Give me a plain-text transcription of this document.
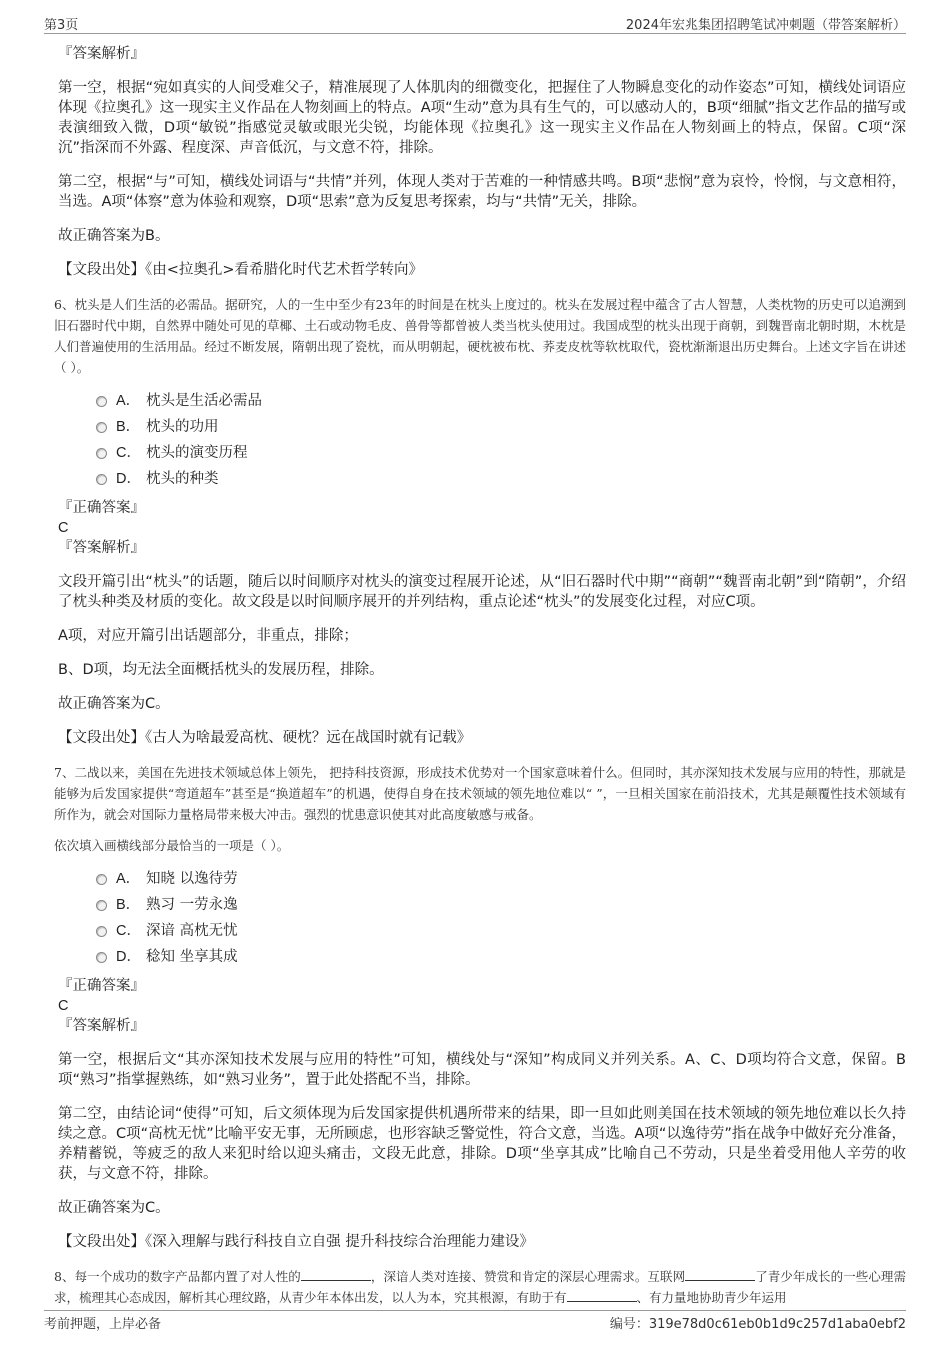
第3页	2024年宏兆集团招聘笔试冲刺题（带答案解析）
『答案解析』
第一空，根据“宛如真实的人间受难父子，精准展现了人体肌肉的细微变化，把握住了人物瞬息变化的动作姿态”可知，横线处词语应体现《拉奥孔》这一现实主义作品在人物刻画上的特点。A项“生动”意为具有生气的，可以感动人的，B项“细腻”指文艺作品的描写或表演细致入微，D项“敏锐”指感觉灵敏或眼光尖锐，均能体现《拉奥孔》这一现实主义作品在人物刻画上的特点，保留。C项“深沉”指深而不外露、程度深、声音低沉，与文意不符，排除。
第二空，根据“与”可知，横线处词语与“共情”并列，体现人类对于苦难的一种情感共鸣。B项“悲悯”意为哀怜，怜悯，与文意相符，当选。A项“体察”意为体验和观察，D项“思索”意为反复思考探索，均与“共情”无关，排除。
故正确答案为B。
【文段出处】《由<拉奥孔>看希腊化时代艺术哲学转向》
6、枕头是人们生活的必需品。据研究，人的一生中至少有23年的时间是在枕头上度过的。枕头在发展过程中蕴含了古人智慧，人类枕物的历史可以追溯到旧石器时代中期，自然界中随处可见的草椰、土石或动物毛皮、兽骨等都曾被人类当枕头使用过。我国成型的枕头出现于商朝，到魏晋南北朝时期，木枕是人们普遍使用的生活用品。经过不断发展，隋朝出现了瓷枕，而从明朝起，硬枕被布枕、荞麦皮枕等软枕取代，瓷枕渐渐退出历史舞台。上述文字旨在讲述（ ）。
A． 枕头是生活必需品
B． 枕头的功用
C． 枕头的演变历程
D． 枕头的种类
『正确答案』
C
『答案解析』
文段开篇引出“枕头”的话题，随后以时间顺序对枕头的演变过程展开论述，从“旧石器时代中期”“商朝”“魏晋南北朝”到“隋朝”，介绍了枕头种类及材质的变化。故文段是以时间顺序展开的并列结构，重点论述“枕头”的发展变化过程，对应C项。
A项，对应开篇引出话题部分，非重点，排除；
B、D项，均无法全面概括枕头的发展历程，排除。
故正确答案为C。
【文段出处】《古人为啥最爱高枕、硬枕？远在战国时就有记载》
7、二战以来，美国在先进技术领域总体上领先， 把持科技资源，形成技术优势对一个国家意味着什么。但同时，其亦深知技术发展与应用的特性，那就是能够为后发国家提供“弯道超车”甚至是“换道超车”的机遇，使得自身在技术领域的领先地位难以“ ”，一旦相关国家在前沿技术，尤其是颠覆性技术领域有所作为，就会对国际力量格局带来极大冲击。强烈的忧患意识使其对此高度敏感与戒备。
依次填入画横线部分最恰当的一项是（ ）。
A． 知晓 以逸待劳
B． 熟习 一劳永逸
C． 深谙 高枕无忧
D． 稔知 坐享其成
『正确答案』
C
『答案解析』
第一空，根据后文“其亦深知技术发展与应用的特性”可知，横线处与“深知”构成同义并列关系。A、C、D项均符合文意，保留。B项“熟习”指掌握熟练，如“熟习业务”，置于此处搭配不当，排除。
第二空，由结论词“使得”可知，后文须体现为后发国家提供机遇所带来的结果，即一旦如此则美国在技术领域的领先地位难以长久持续之意。C项“高枕无忧”比喻平安无事，无所顾虑，也形容缺乏警觉性，符合文意，当选。A项“以逸待劳”指在战争中做好充分准备，养精蓄锐，等疲乏的敌人来犯时给以迎头痛击，文段无此意，排除。D项“坐享其成”比喻自己不劳动，只是坐着受用他人辛劳的收获，与文意不符，排除。
故正确答案为C。
【文段出处】《深入理解与践行科技自立自强 提升科技综合治理能力建设》
8、每一个成功的数字产品都内置了对人性的	，深谙人类对连接、赞赏和肯定的深层心理需求。互联网	了青少年成长的一些心理需求，梳理其心态成因，解析其心理纹路，从青少年本体出发，以人为本，究其根源，有助于有	、有力量地协助青少年运用
考前押题，上岸必备	编号：319e78d0c61eb0b1d9c257d1aba0ebf2
